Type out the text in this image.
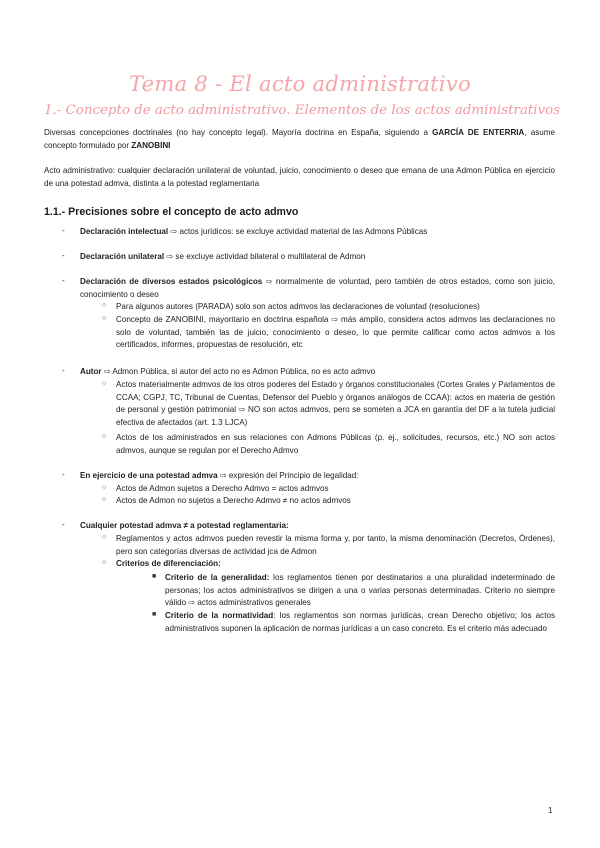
Tema 8 - El acto administrativo
1.- Concepto de acto administrativo. Elementos de los actos administrativos
Diversas concepciones doctrinales (no hay concepto legal). Mayoría doctrina en España, siguiendo a GARCÍA DE ENTERRIA, asume concepto formulado por ZANOBINI
Acto administrativo: cualquier declaración unilateral de voluntad, juicio, conocimiento o deseo que emana de una Admon Pública en ejercicio de una potestad admva, distinta a la potestad reglamentaria
1.1.- Precisiones sobre el concepto de acto admvo
- Declaración intelectual ⇨ actos jurídicos: se excluye actividad material de las Admons Públicas
- Declaración unilateral ⇨ se excluye actividad bilateral o multilateral de Admon
- Declaración de diversos estados psicológicos ⇨ normalmente de voluntad, pero también de otros estados, como son juicio, conocimiento o deseo
○ Para algunos autores (PARADA) solo son actos admvos las declaraciones de voluntad (resoluciones)
○ Concepto de ZANOBINI, mayoritario en doctrina española ⇨ más amplio, considera actos admvos las declaraciones no solo de voluntad, también las de juicio, conocimiento o deseo, lo que permite calificar como actos admvos a los certificados, informes, propuestas de resolución, etc
- Autor ⇨ Admon Pública, si autor del acto no es Admon Pública, no es acto admvo
○ Actos materialmente admvos de los otros poderes del Estado y órganos constitucionales (Cortes Grales y Parlamentos de CCAA; CGPJ, TC, Tribunal de Cuentas, Defensor del Pueblo y órganos análogos de CCAA): actos en materia de gestión de personal y gestión patrimonial ⇨ NO son actos admvos, pero se someten a JCA en garantía del DF a la tutela judicial efectiva de afectados (art. 1.3 LJCA)
○ Actos de los administrados en sus relaciones con Admons Públicas (p. ej., solicitudes, recursos, etc.) NO son actos admvos, aunque se regulan por el Derecho Admvo
- En ejercicio de una potestad admva ⇨ expresión del Principio de legalidad:
○ Actos de Admon sujetos a Derecho Admvo = actos admvos
○ Actos de Admon no sujetos a Derecho Admvo ≠ no actos admvos
- Cualquier potestad admva ≠ a potestad reglamentaria:
○ Reglamentos y actos admvos pueden revestir la misma forma y, por tanto, la misma denominación (Decretos, Órdenes), pero son categorías diversas de actividad jca de Admon
○ Criterios de diferenciación:
■ Criterio de la generalidad: los reglamentos tienen por destinatarios a una pluralidad indeterminado de personas; los actos administrativos se dirigen a una o varias personas determinadas. Criterio no siempre válido ⇨ actos administrativos generales
■ Criterio de la normatividad: los reglamentos son normas jurídicas, crean Derecho objetivo; los actos administrativos suponen la aplicación de normas jurídicas a un caso concreto. Es el criterio más adecuado
1
